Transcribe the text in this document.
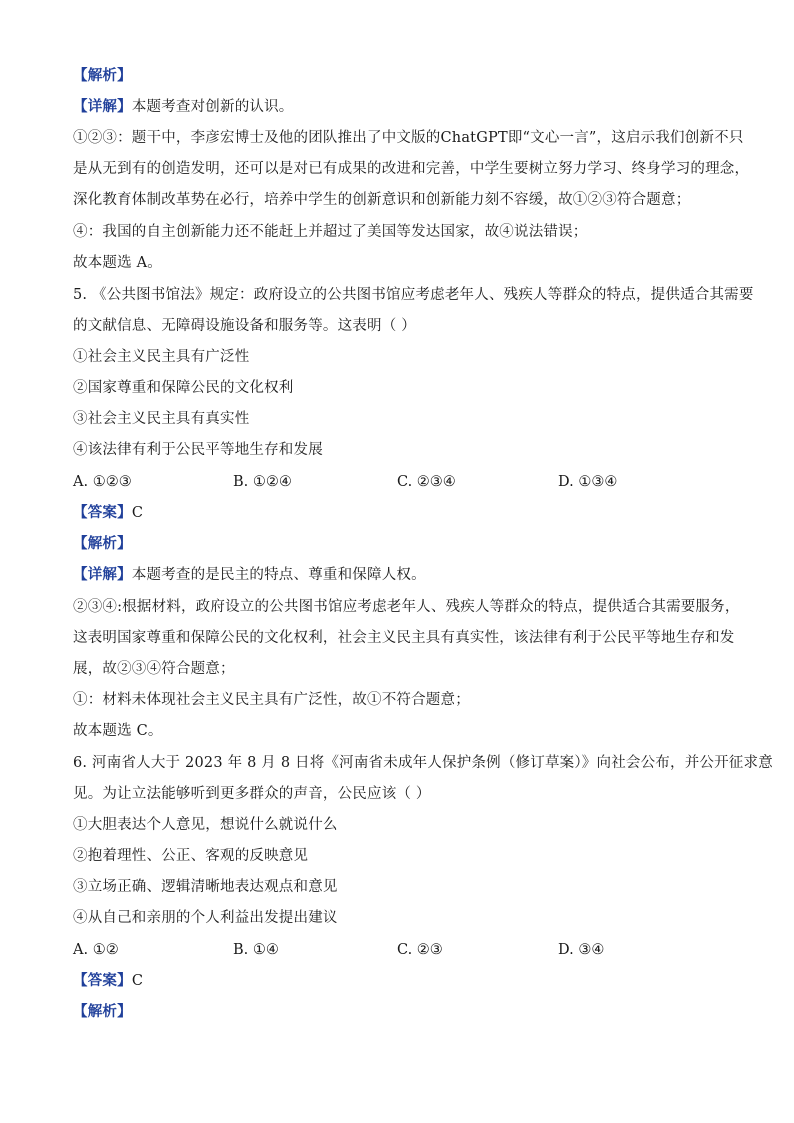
【解析】
【详解】本题考查对创新的认识。
①②③：题干中，李彦宏博士及他的团队推出了中文版的ChatGPT即“文心一言”，这启示我们创新不只
是从无到有的创造发明，还可以是对已有成果的改进和完善，中学生要树立努力学习、终身学习的理念，
深化教育体制改革势在必行，培养中学生的创新意识和创新能力刻不容缓，故①②③符合题意；
④：我国的自主创新能力还不能赶上并超过了美国等发达国家，故④说法错误；
故本题选 A。
5. 《公共图书馆法》规定：政府设立的公共图书馆应考虑老年人、残疾人等群众的特点，提供适合其需要
的文献信息、无障碍设施设备和服务等。这表明（ ）
①社会主义民主具有广泛性
②国家尊重和保障公民的文化权利
③社会主义民主具有真实性
④该法律有利于公民平等地生存和发展
A. ①②③	B. ①②④	C. ②③④	D. ①③④
【答案】C
【解析】
【详解】本题考查的是民主的特点、尊重和保障人权。
②③④:根据材料，政府设立的公共图书馆应考虑老年人、残疾人等群众的特点，提供适合其需要服务，
这表明国家尊重和保障公民的文化权利，社会主义民主具有真实性，该法律有利于公民平等地生存和发
展，故②③④符合题意；
①：材料未体现社会主义民主具有广泛性，故①不符合题意；
故本题选 C。
6. 河南省人大于 2023 年 8 月 8 日将《河南省未成年人保护条例（修订草案）》向社会公布，并公开征求意
见。为让立法能够听到更多群众的声音，公民应该（ ）
①大胆表达个人意见，想说什么就说什么
②抱着理性、公正、客观的反映意见
③立场正确、逻辑清晰地表达观点和意见
④从自己和亲朋的个人利益出发提出建议
A. ①②	B. ①④	C. ②③	D. ③④
【答案】C
【解析】
